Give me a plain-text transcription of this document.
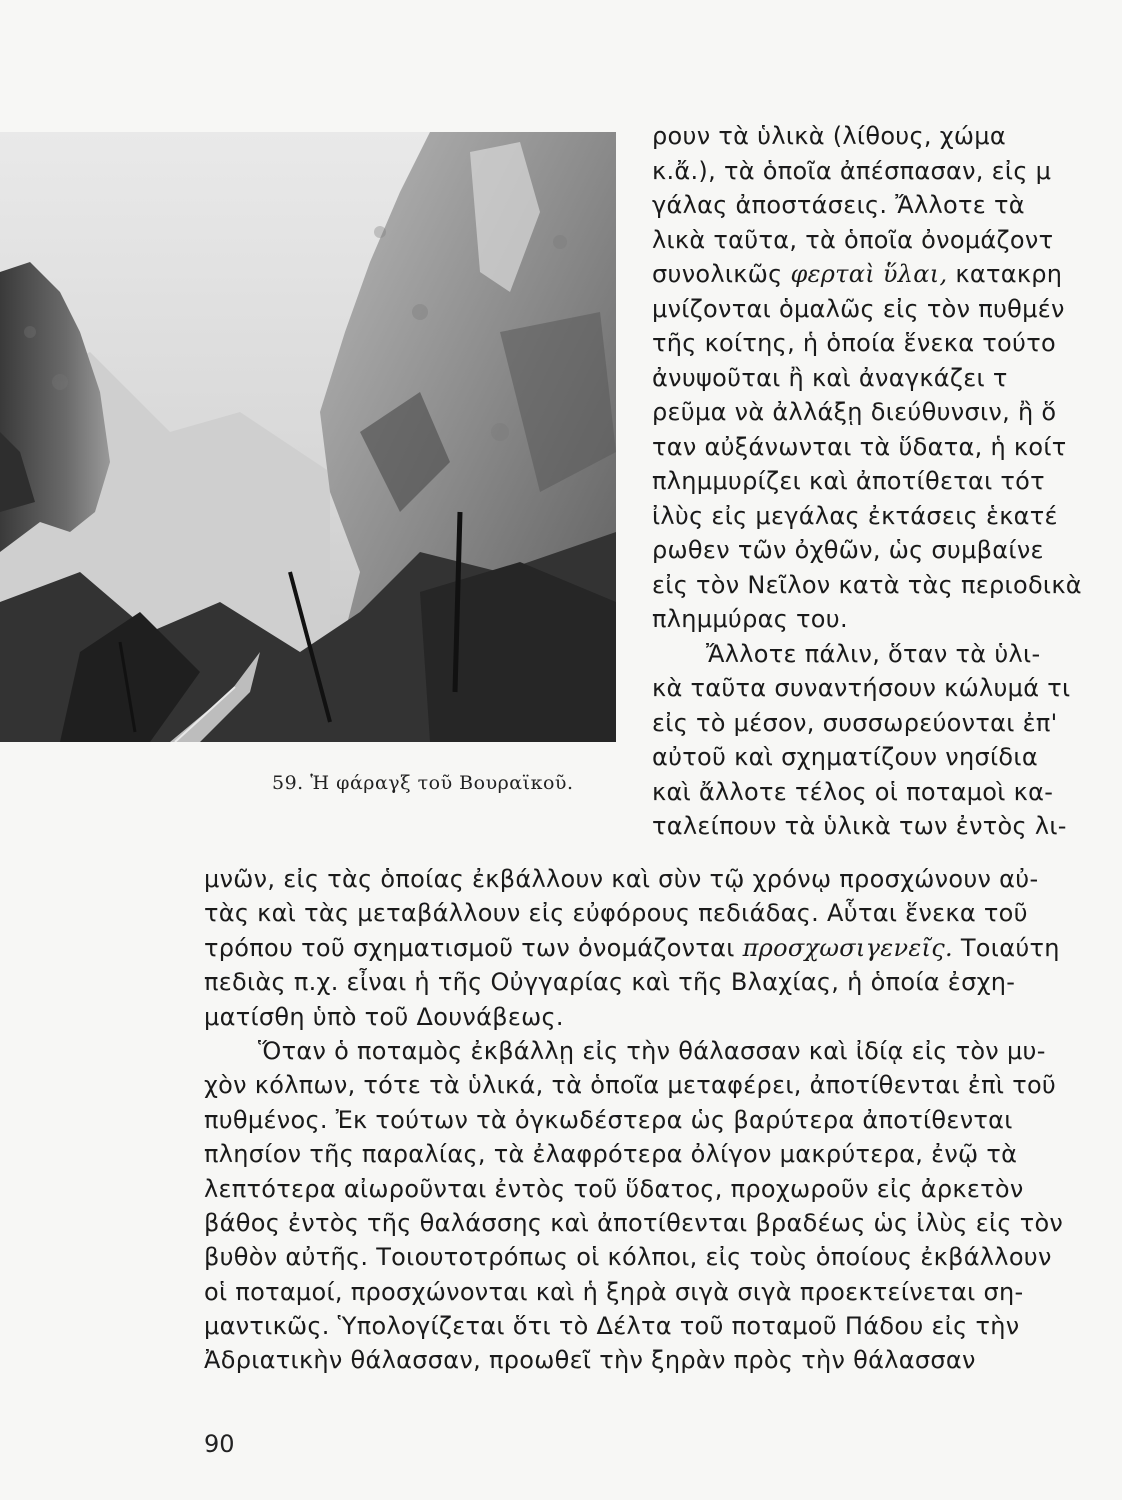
59. Ἡ φάραγξ τοῦ Βουραϊκοῦ.
ρουν τὰ ὑλικὰ (λίθους, χώμα
κ.ἄ.), τὰ ὁποῖα ἀπέσπασαν, εἰς μ
γάλας ἀποστάσεις. Ἄλλοτε τὰ
λικὰ ταῦτα, τὰ ὁποῖα ὀνομάζοντ
συνολικῶς φερταὶ ὕλαι, κατακρη
μνίζονται ὁμαλῶς εἰς τὸν πυθμέν
τῆς κοίτης, ἡ ὁποία ἕνεκα τούτο
ἀνυψοῦται ἢ καὶ ἀναγκάζει τ
ρεῦμα νὰ ἀλλάξῃ διεύθυνσιν, ἢ ὅ
ταν αὐξάνωνται τὰ ὕδατα, ἡ κοίτ
πλημμυρίζει καὶ ἀποτίθεται τότ
ἰλὺς εἰς μεγάλας ἐκτάσεις ἑκατέ
ρωθεν τῶν ὀχθῶν, ὡς συμβαίνε
εἰς τὸν Νεῖλον κατὰ τὰς περιοδικὰ
πλημμύρας του.
Ἄλλοτε πάλιν, ὅταν τὰ ὑλι-
κὰ ταῦτα συναντήσουν κώλυμά τι
εἰς τὸ μέσον, συσσωρεύονται ἐπ'
αὐτοῦ καὶ σχηματίζουν νησίδια
καὶ ἄλλοτε τέλος οἱ ποταμοὶ κα-
ταλείπουν τὰ ὑλικὰ των ἐντὸς λι-
μνῶν, εἰς τὰς ὁποίας ἐκβάλλουν καὶ σὺν τῷ χρόνῳ προσχώνουν αὐ-
τὰς καὶ τὰς μεταβάλλουν εἰς εὐφόρους πεδιάδας. Αὗται ἕνεκα τοῦ
τρόπου τοῦ σχηματισμοῦ των ὀνομάζονται προσχωσιγενεῖς. Τοιαύτη
πεδιὰς π.χ. εἶναι ἡ τῆς Οὐγγαρίας καὶ τῆς Βλαχίας, ἡ ὁποία ἐσχη-
ματίσθη ὑπὸ τοῦ Δουνάβεως.
Ὅταν ὁ ποταμὸς ἐκβάλλῃ εἰς τὴν θάλασσαν καὶ ἰδίᾳ εἰς τὸν μυ-
χὸν κόλπων, τότε τὰ ὑλικά, τὰ ὁποῖα μεταφέρει, ἀποτίθενται ἐπὶ τοῦ
πυθμένος. Ἐκ τούτων τὰ ὀγκωδέστερα ὡς βαρύτερα ἀποτίθενται
πλησίον τῆς παραλίας, τὰ ἐλαφρότερα ὀλίγον μακρύτερα, ἐνῷ τὰ
λεπτότερα αἰωροῦνται ἐντὸς τοῦ ὕδατος, προχωροῦν εἰς ἀρκετὸν
βάθος ἐντὸς τῆς θαλάσσης καὶ ἀποτίθενται βραδέως ὡς ἰλὺς εἰς τὸν
βυθὸν αὐτῆς. Τοιουτοτρόπως οἱ κόλποι, εἰς τοὺς ὁποίους ἐκβάλλουν
οἱ ποταμοί, προσχώνονται καὶ ἡ ξηρὰ σιγὰ σιγὰ προεκτείνεται ση-
μαντικῶς. Ὑπολογίζεται ὅτι τὸ Δέλτα τοῦ ποταμοῦ Πάδου εἰς τὴν
Ἀδριατικὴν θάλασσαν, προωθεῖ τὴν ξηρὰν πρὸς τὴν θάλασσαν
90
